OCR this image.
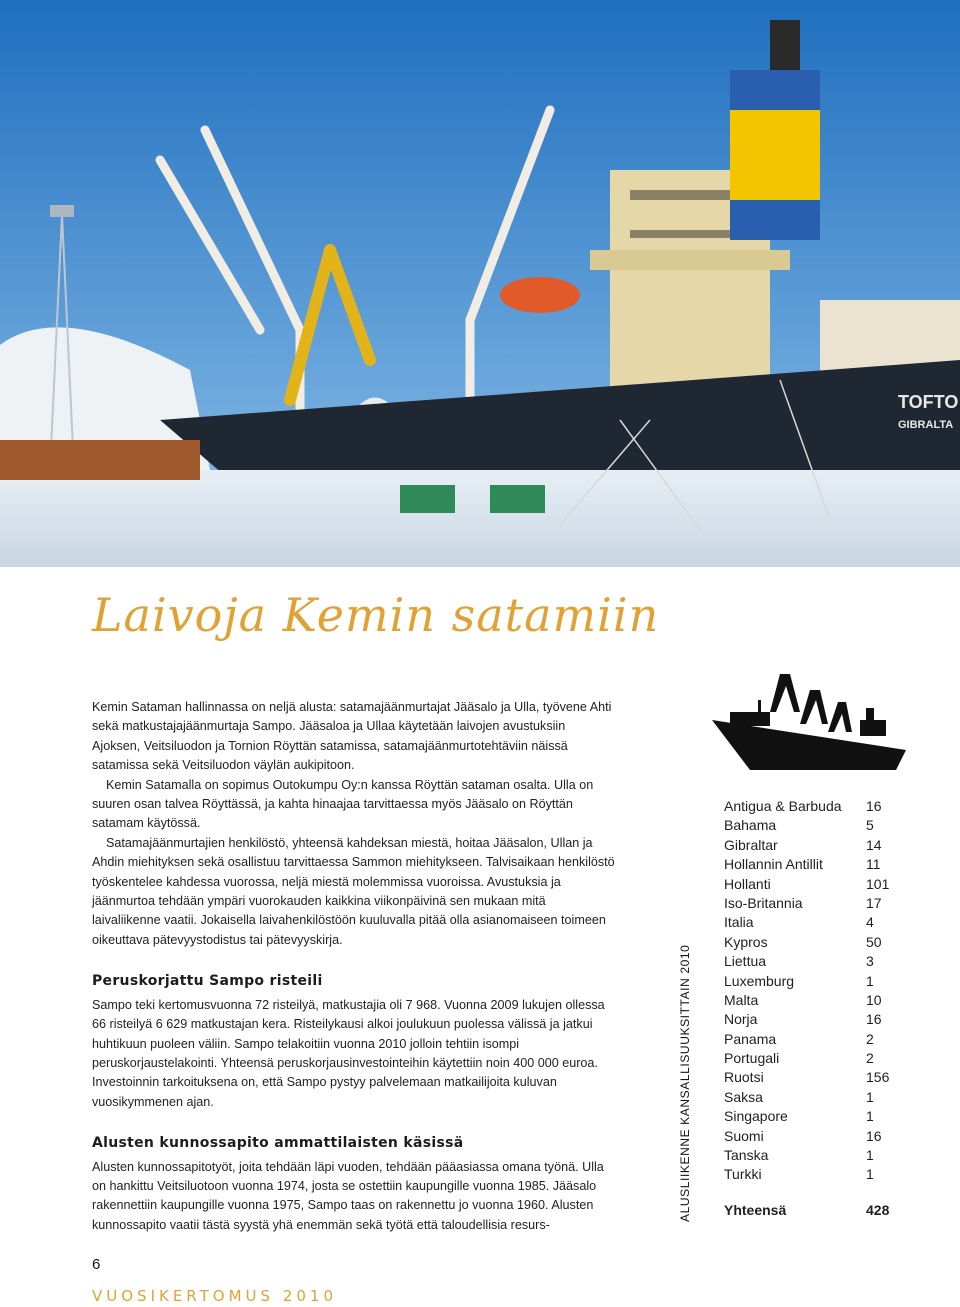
TOFTO
GIBRALTA
Laivoja Kemin satamiin

Kemin Sataman hallinnassa on neljä alusta: satamajäänmurtajat Jääsalo ja Ulla, työvene Ahti sekä matkustajajäänmurtaja Sampo. Jääsaloa ja Ullaa käytetään laivojen avustuksiin Ajoksen, Veitsiluodon ja Tornion Röyttän satamissa, satamajäänmurtotehtäviin näissä satamissa sekä Veitsiluodon väylän aukipitoon.

Kemin Satamalla on sopimus Outokumpu Oy:n kanssa Röyttän sataman osalta. Ulla on suuren osan talvea Röyttässä, ja kahta hinaajaa tarvittaessa myös Jääsalo on Röyttän satamam käytössä.

Satamajäänmurtajien henkilöstö, yhteensä kahdeksan miestä, hoitaa Jääsalon, Ullan ja Ahdin miehityksen sekä osallistuu tarvittaessa Sammon miehitykseen. Talvisaikaan henkilöstö työskentelee kahdessa vuorossa, neljä miestä molemmissa vuoroissa. Avustuksia ja jäänmurtoa tehdään ympäri vuorokauden kaikkina viikonpäivinä sen mukaan mitä laivaliikenne vaatii. Jokaisella laivahenkilöstöön kuuluvalla pitää olla asianomaiseen toimeen oikeuttava pätevyystodistus tai pätevyyskirja.

Peruskorjattu Sampo risteili

Sampo teki kertomusvuonna 72 risteilyä, matkustajia oli 7 968. Vuonna 2009 lukujen ollessa 66 risteilyä 6 629 matkustajan kera. Risteilykausi alkoi joulukuun puolessa välissä ja jatkui huhtikuun puoleen väliin. Sampo telakoitiin vuonna 2010 jolloin tehtiin isompi peruskorjaustelakointi. Yhteensä peruskorjausinvestointeihin käytettiin noin 400 000 euroa. Investoinnin tarkoituksena on, että Sampo pystyy palvelemaan matkailijoita kuluvan vuosikymmenen ajan.

Alusten kunnossapito ammattilaisten käsissä

Alusten kunnossapitotyöt, joita tehdään läpi vuoden, tehdään pääasiassa omana työnä. Ulla on hankittu Veitsiluotoon vuonna 1974, josta se ostettiin kaupungille vuonna 1985. Jääsalo rakennettiin kaupungille vuonna 1975, Sampo taas on rakennettu jo vuonna 1960. Alusten kunnossapito vaatii tästä syystä yhä enemmän sekä työtä että taloudellisia resurs-

ALUSLIIKENNE KANSALLISUUKSITTAIN 2010
Antigua & Barbuda 16
Bahama	5
Gibraltar	14
Hollannin Antillit	11
Hollanti	101
Iso-Britannia	17
Italia	4
Kypros	50
Liettua	3
Luxemburg	1
Malta	10
Norja	16
Panama	2
Portugali	2
Ruotsi	156
Saksa	1
Singapore	1
Suomi	16
Tanska	1
Turkki	1
Yhteensä	428
6
VUOSIKERTOMUS 2010
